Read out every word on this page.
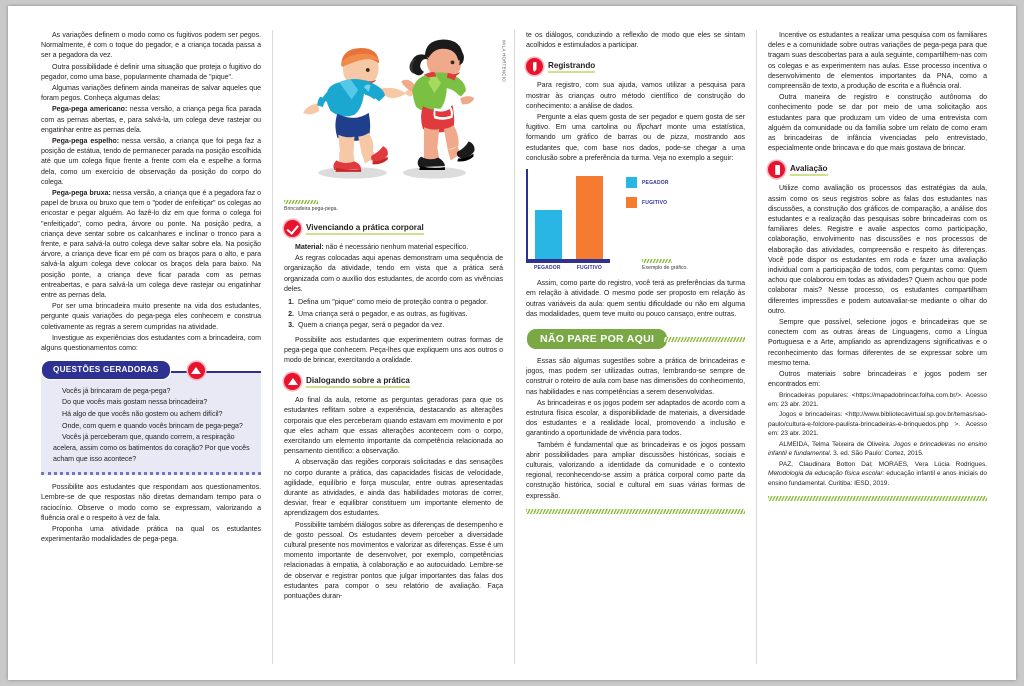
As variações definem o modo como os fugitivos podem ser pegos. Normalmente, é com o toque do pegador, e a criança tocada passa a ser a pegadora da vez.

Outra possibilidade é definir uma situação que proteja o fugitivo do pegador, como uma base, popularmente chamada de "pique".

Algumas variações definem ainda maneiras de salvar aqueles que foram pegos. Conheça algumas delas:

Pega-pega americano: nessa versão, a criança pega fica parada com as pernas abertas, e, para salvá-la, um colega deve rastejar ou engatinhar entre as pernas dela.

Pega-pega espelho: nessa versão, a criança que foi pega faz a posição de estátua, tendo de permanecer parada na posição escolhida até que um colega fique frente a frente com ela e espelhe a forma dela, como um exercício de observação da posição do corpo do colega.

Pega-pega bruxa: nessa versão, a criança que é a pegadora faz o papel de bruxa ou bruxo que tem o "poder de enfeitiçar" os colegas ao encostar e pegar alguém. Ao fazê-lo diz em que forma o colega foi "enfeitiçado", como pedra, árvore ou ponte. Na posição pedra, a criança deve sentar sobre os calcanhares e inclinar o tronco para a frente, e para salvá-la outro colega deve saltar sobre ela. Na posição árvore, a criança deve ficar em pé com os braços para o alto, e para salvá-la algum colega deve colocar os braços dela para baixo. Na posição ponte, a criança deve ficar parada com as pernas entreabertas, e para salvá-la um colega deve rastejar ou engatinhar entre as pernas dela.

Por ser uma brincadeira muito presente na vida dos estudantes, pergunte quais variações do pega-pega eles conhecem e construa coletivamente as regras a serem cumpridas na atividade.

Investigue as experiências dos estudantes com a brincadeira, com alguns questionamentos como:

QUESTÕES GERADORAS

Vocês já brincaram de pega-pega?

Do que vocês mais gostam nessa brincadeira?

Há algo de que vocês não gostem ou achem difícil?

Onde, com quem e quando vocês brincam de pega-pega?

Vocês já perceberam que, quando correm, a respiração acelera, assim como os batimentos do coração? Por que vocês acham que isso acontece?

Possibilite aos estudantes que respondam aos questionamentos. Lembre-se de que respostas não diretas demandam tempo para o raciocínio. Observe o modo como se expressam, valorizando a fluência oral e o respeito à vez de fala.

Proponha uma atividade prática na qual os estudantes experimentarão modalidades de pega-pega.

MILA HORTENCIO
Brincadeira pega-pega.
Vivenciando a prática corporal

Material: não é necessário nenhum material específico.

As regras colocadas aqui apenas demonstram uma sequência de organização da atividade, tendo em vista que a prática será organizada com o auxílio dos estudantes, de acordo com as vivências deles.

1. Defina um "pique" como meio de proteção contra o pegador.
2. Uma criança será o pegador, e as outras, as fugitivas.
3. Quem a criança pegar, será o pegador da vez.

Possibilite aos estudantes que experimentem outras formas de pega-pega que conhecem. Peça-lhes que expliquem uns aos outros o modo de brincar, exercitando a oralidade.

Dialogando sobre a prática

Ao final da aula, retome as perguntas geradoras para que os estudantes reflitam sobre a experiência, destacando as alterações corporais que eles perceberam quando estavam em movimento e por que eles acham que essas alterações acontecem com o corpo, exercitando um elemento importante da competência relacionada ao pensamento científico: a observação.

A observação das regiões corporais solicitadas e das sensações no corpo durante a prática, das capacidades físicas de velocidade, agilidade, equilíbrio e força muscular, entre outras apresentadas durante as atividades, e ainda das habilidades motoras de correr, desviar, frear e equilibrar constituem um importante elemento de aprendizagem dos estudantes.

Possibilite também diálogos sobre as diferenças de desempenho e de gosto pessoal. Os estudantes devem perceber a diversidade cultural presente nos movimentos e valorizar as diferenças. Esse é um momento importante de desenvolver, por exemplo, competências relacionadas à empatia, à colaboração e ao autocuidado. Lembre-se de observar e registrar pontos que julgar importantes das falas dos estudantes para compor o seu relatório de avaliação. Faça pontuações duran-

te os diálogos, conduzindo a reflexão de modo que eles se sintam acolhidos e estimulados a participar.

Registrando

Para registro, com sua ajuda, vamos utilizar a pesquisa para mostrar às crianças outro método científico de construção do conhecimento: a análise de dados.

Pergunte a elas quem gosta de ser pegador e quem gosta de ser fugitivo. Em uma cartolina ou flipchart monte uma estatística, formando um gráfico de barras ou de pizza, mostrando aos estudantes que, com base nos dados, pode-se chegar a uma conclusão sobre a preferência da turma. Veja no exemplo a seguir:

PEGADOR	FUGITIVO
PEGADOR
FUGITIVO
Exemplo de gráfico.

Assim, como parte do registro, você terá as preferências da turma em relação à atividade. O mesmo pode ser proposto em relação às outras variáveis da aula: quem sentiu dificuldade ou não em alguma das modalidades, quem teve muito ou pouco cansaço, entre outras.

NÃO PARE POR AQUI

Essas são algumas sugestões sobre a prática de brincadeiras e jogos, mas podem ser utilizadas outras, lembrando-se sempre de construir o roteiro de aula com base nas dimensões do conhecimento, nas habilidades e nas competências a serem desenvolvidas.

As brincadeiras e os jogos podem ser adaptados de acordo com a estrutura física escolar, a disponibilidade de materiais, a diversidade dos estudantes e a realidade local, promovendo a inclusão e garantindo a oportunidade de vivência para todos.

Também é fundamental que as brincadeiras e os jogos possam abrir possibilidades para ampliar discussões históricas, sociais e culturais, valorizando a identidade da comunidade e o contexto regional, reconhecendo-se assim a prática corporal como parte da construção histórica, social e cultural em suas várias formas de expressão.

Incentive os estudantes a realizar uma pesquisa com os familiares deles e a comunidade sobre outras variações de pega-pega para que tragam suas descobertas para a aula seguinte, compartilhem-nas com os colegas e as experimentem nas aulas. Esse processo incentiva o desenvolvimento de elementos importantes da PNA, como a compreensão de texto, a produção de escrita e a fluência oral.

Outra maneira de registro e construção autônoma do conhecimento pode se dar por meio de uma solicitação aos estudantes para que produzam um vídeo de uma entrevista com alguém da comunidade ou da família sobre um relato de como eram as brincadeiras de infância vivenciadas pelo entrevistado, especialmente onde brincava e do que mais gostava de brincar.

Avaliação

Utilize como avaliação os processos das estratégias da aula, assim como os seus registros sobre as falas dos estudantes nas discussões, a construção dos gráficos de comparação, a análise dos estudantes e a realização das pesquisas sobre brincadeiras com os familiares deles. Registre e avalie aspectos como participação, colaboração, envolvimento nas discussões e nos processos de elaboração das atividades, compreensão e respeito às diferenças. Você pode dispor os estudantes em roda e fazer uma avaliação individual com a participação de todos, com perguntas como: Quem achou que colaborou em todas as atividades? Quem achou que pode colaborar mais? Nesse processo, os estudantes compartilham diferentes impressões e podem autoavaliar-se mediante o olhar do outro.

Sempre que possível, selecione jogos e brincadeiras que se conectem com as outras áreas de Linguagens, como a Língua Portuguesa e a Arte, ampliando as aprendizagens significativas e o reconhecimento das formas diferentes de se expressar sobre um mesmo tema.

Outros materiais sobre brincadeiras e jogos podem ser encontrados em:

Brincadeiras populares: <https://mapadobrincar.folha.com.br/>. Acesso em: 23 abr. 2021.

Jogos e brincadeiras: <http://www.bibliotecavirtual.sp.gov.br/temas/sao-paulo/cultura-e-folclore-paulista-brincadeiras-e-brinquedos.php >. Acesso em: 23 abr. 2021.

ALMEIDA, Telma Teixeira de Oliveira. Jogos e brincadeiras no ensino infantil e fundamental. 3. ed. São Paulo: Cortez, 2015.

PAZ, Claudinara Botton Dal; MORAES, Vera Lúcia Rodrigues. Metodologia da educação física escolar: educação infantil e anos iniciais do ensino fundamental. Curitiba: IESD, 2019.
